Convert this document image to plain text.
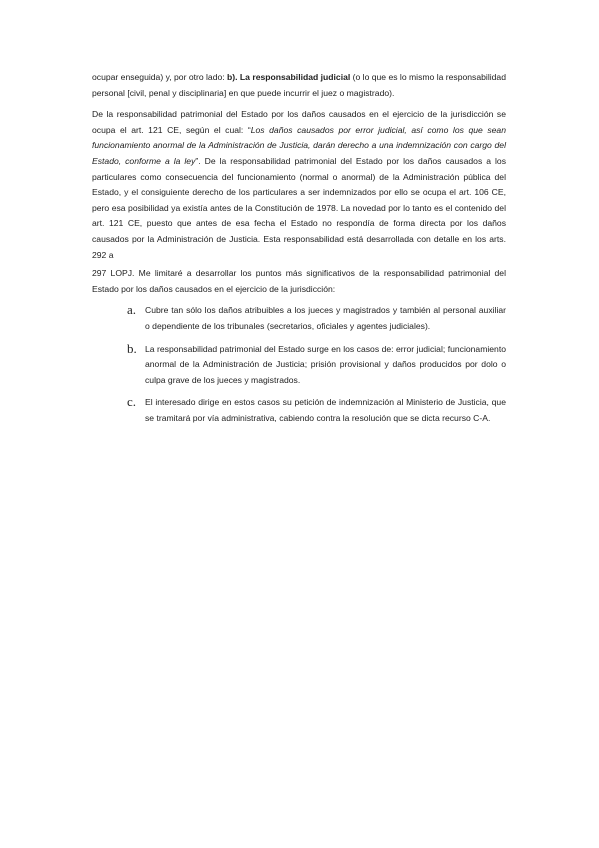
ocupar enseguida) y, por otro lado: b). La responsabilidad judicial (o lo que es lo mismo la responsabilidad personal [civil, penal y disciplinaria] en que puede incurrir el juez o magistrado).

De la responsabilidad patrimonial del Estado por los daños causados en el ejercicio de la jurisdicción se ocupa el art. 121 CE, según el cual: “Los daños causados por error judicial, así como los que sean funcionamiento anormal de la Administración de Justicia, darán derecho a una indemnización con cargo del Estado, conforme a la ley”. De la responsabilidad patrimonial del Estado por los daños causados a los particulares como consecuencia del funcionamiento (normal o anormal) de la Administración pública del Estado, y el consiguiente derecho de los particulares a ser indemnizados por ello se ocupa el art. 106 CE, pero esa posibilidad ya existía antes de la Constitución de 1978. La novedad por lo tanto es el contenido del art. 121 CE, puesto que antes de esa fecha el Estado no respondía de forma directa por los daños causados por la Administración de Justicia. Esta responsabilidad está desarrollada con detalle en los arts. 292 a

297 LOPJ. Me limitaré a desarrollar los puntos más significativos de la responsabilidad patrimonial del Estado por los daños causados en el ejercicio de la jurisdicción:

a. Cubre tan sólo los daños atribuibles a los jueces y magistrados y también al personal auxiliar o dependiente de los tribunales (secretarios, oficiales y agentes judiciales).
b. La responsabilidad patrimonial del Estado surge en los casos de: error judicial; funcionamiento anormal de la Administración de Justicia; prisión provisional y daños producidos por dolo o culpa grave de los jueces y magistrados.
c. El interesado dirige en estos casos su petición de indemnización al Ministerio de Justicia, que se tramitará por vía administrativa, cabiendo contra la resolución que se dicta recurso C-A.
